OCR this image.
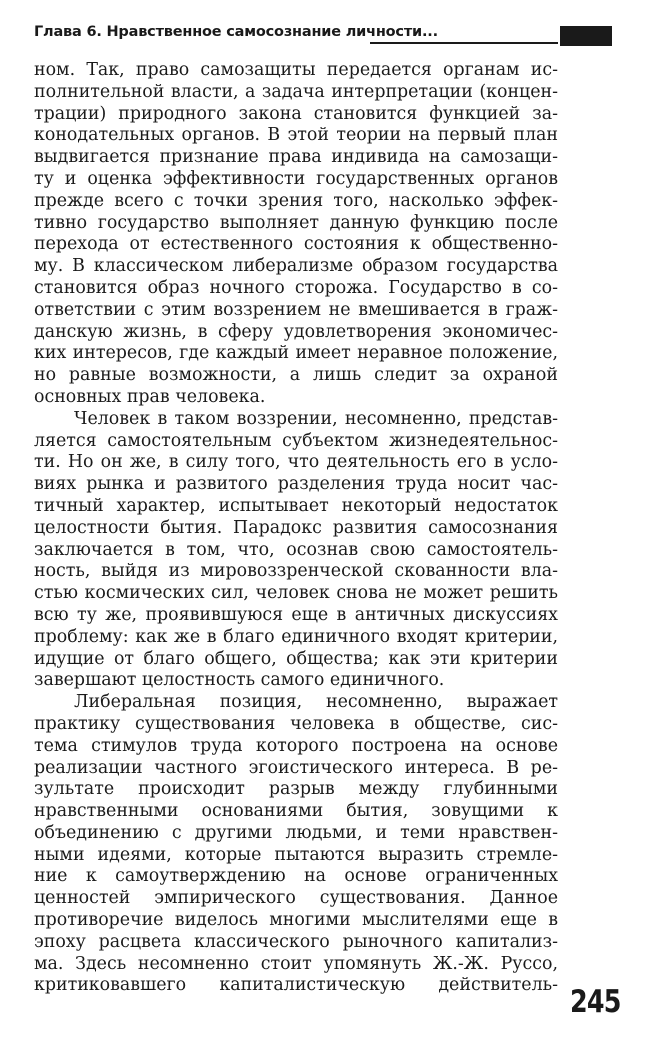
Глава 6. Нравственное самосознание личности...
ном. Так, право самозащиты передается органам ис-
полнительной власти, а задача интерпретации (концен-
трации) природного закона становится функцией за-
конодательных органов. В этой теории на первый план
выдвигается признание права индивида на самозащи-
ту и оценка эффективности государственных органов
прежде всего с точки зрения того, насколько эффек-
тивно государство выполняет данную функцию после
перехода от естественного состояния к общественно-
му. В классическом либерализме образом государства
становится образ ночного сторожа. Государство в со-
ответствии с этим воззрением не вмешивается в граж-
данскую жизнь, в сферу удовлетворения экономичес-
ких интересов, где каждый имеет неравное положение,
но равные возможности, а лишь следит за охраной
основных прав человека.
Человек в таком воззрении, несомненно, представ-
ляется самостоятельным субъектом жизнедеятельнос-
ти. Но он же, в силу того, что деятельность его в усло-
виях рынка и развитого разделения труда носит час-
тичный характер, испытывает некоторый недостаток
целостности бытия. Парадокс развития самосознания
заключается в том, что, осознав свою самостоятель-
ность, выйдя из мировоззренческой скованности вла-
стью космических сил, человек снова не может решить
всю ту же, проявившуюся еще в античных дискуссиях
проблему: как же в благо единичного входят критерии,
идущие от благо общего, общества; как эти критерии
завершают целостность самого единичного.
Либеральная позиция, несомненно, выражает
практику существования человека в обществе, сис-
тема стимулов труда которого построена на основе
реализации частного эгоистического интереса. В ре-
зультате происходит разрыв между глубинными
нравственными основаниями бытия, зовущими к
объединению с другими людьми, и теми нравствен-
ными идеями, которые пытаются выразить стремле-
ние к самоутверждению на основе ограниченных
ценностей эмпирического существования. Данное
противоречие виделось многими мыслителями еще в
эпоху расцвета классического рыночного капитализ-
ма. Здесь несомненно стоит упомянуть Ж.-Ж. Руссо,
критиковавшего капиталистическую действитель- 245
